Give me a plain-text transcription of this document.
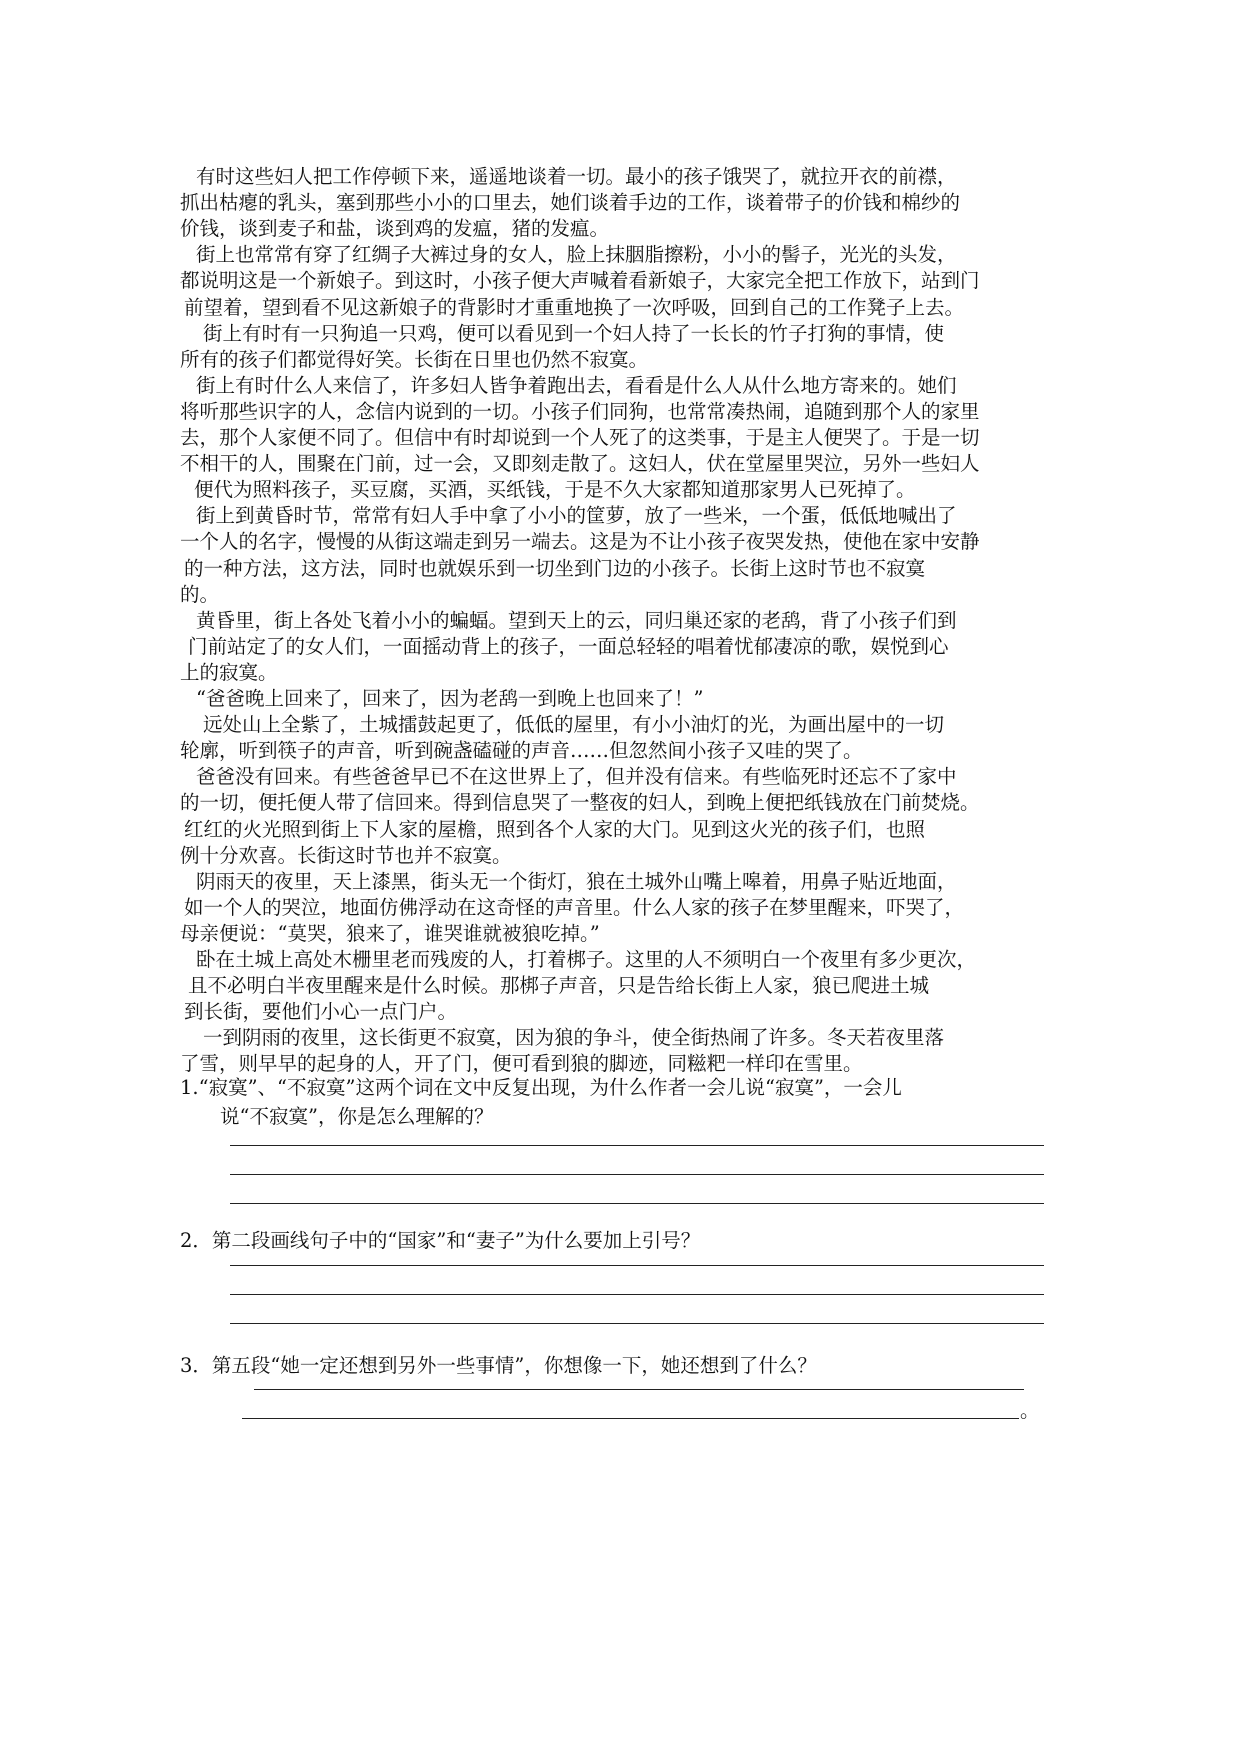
有时这些妇人把工作停顿下来，遥遥地谈着一切。最小的孩子饿哭了，就拉开衣的前襟，
抓出枯瘪的乳头，塞到那些小小的口里去，她们谈着手边的工作，谈着带子的价钱和棉纱的
价钱，谈到麦子和盐，谈到鸡的发瘟，猪的发瘟。
街上也常常有穿了红绸子大裤过身的女人，脸上抹胭脂擦粉，小小的髻子，光光的头发，
都说明这是一个新娘子。到这时，小孩子便大声喊着看新娘子，大家完全把工作放下，站到门
前望着，望到看不见这新娘子的背影时才重重地换了一次呼吸，回到自己的工作凳子上去。
街上有时有一只狗追一只鸡，便可以看见到一个妇人持了一长长的竹子打狗的事情，使
所有的孩子们都觉得好笑。长街在日里也仍然不寂寞。
街上有时什么人来信了，许多妇人皆争着跑出去，看看是什么人从什么地方寄来的。她们
将听那些识字的人，念信内说到的一切。小孩子们同狗，也常常凑热闹，追随到那个人的家里
去，那个人家便不同了。但信中有时却说到一个人死了的这类事，于是主人便哭了。于是一切
不相干的人，围聚在门前，过一会，又即刻走散了。这妇人，伏在堂屋里哭泣，另外一些妇人
便代为照料孩子，买豆腐，买酒，买纸钱，于是不久大家都知道那家男人已死掉了。
街上到黄昏时节，常常有妇人手中拿了小小的筐萝，放了一些米，一个蛋，低低地喊出了
一个人的名字，慢慢的从街这端走到另一端去。这是为不让小孩子夜哭发热，使他在家中安静
的一种方法，这方法，同时也就娱乐到一切坐到门边的小孩子。长街上这时节也不寂寞
的。
黄昏里，街上各处飞着小小的蝙蝠。望到天上的云，同归巢还家的老鸹，背了小孩子们到
门前站定了的女人们，一面摇动背上的孩子，一面总轻轻的唱着忧郁凄凉的歌，娱悦到心
上的寂寞。
“爸爸晚上回来了，回来了，因为老鸹一到晚上也回来了！”
远处山上全紫了，土城擂鼓起更了，低低的屋里，有小小油灯的光，为画出屋中的一切
轮廓，听到筷子的声音，听到碗盏磕碰的声音……但忽然间小孩子又哇的哭了。
爸爸没有回来。有些爸爸早已不在这世界上了，但并没有信来。有些临死时还忘不了家中
的一切，便托便人带了信回来。得到信息哭了一整夜的妇人，到晚上便把纸钱放在门前焚烧。
红红的火光照到街上下人家的屋檐，照到各个人家的大门。见到这火光的孩子们，也照
例十分欢喜。长街这时节也并不寂寞。
阴雨天的夜里，天上漆黑，街头无一个街灯，狼在土城外山嘴上嗥着，用鼻子贴近地面，
如一个人的哭泣，地面仿佛浮动在这奇怪的声音里。什么人家的孩子在梦里醒来，吓哭了，
母亲便说：“莫哭，狼来了，谁哭谁就被狼吃掉。”
卧在土城上高处木栅里老而残废的人，打着梆子。这里的人不须明白一个夜里有多少更次，
且不必明白半夜里醒来是什么时候。那梆子声音，只是告给长街上人家，狼已爬进土城
到长街，要他们小心一点门户。
一到阴雨的夜里，这长街更不寂寞，因为狼的争斗，使全街热闹了许多。冬天若夜里落
了雪，则早早的起身的人，开了门，便可看到狼的脚迹，同糍粑一样印在雪里。
1.“寂寞”、“不寂寞”这两个词在文中反复出现，为什么作者一会儿说“寂寞”，一会儿
说“不寂寞”，你是怎么理解的？
2．第二段画线句子中的“国家”和“妻子”为什么要加上引号？
3．第五段“她一定还想到另外一些事情”，你想像一下，她还想到了什么？
。
